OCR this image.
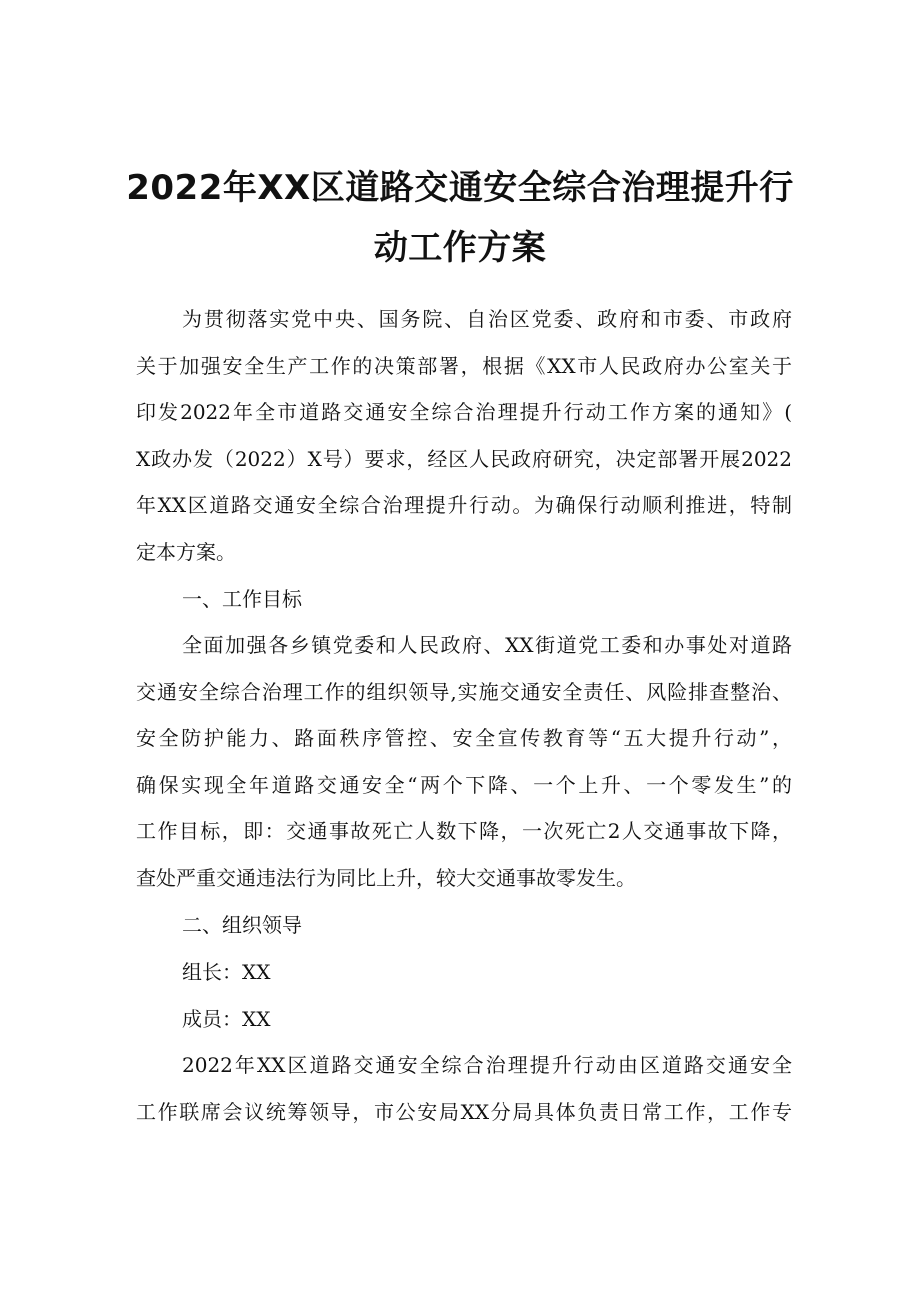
2022年XX区道路交通安全综合治理提升行
动工作方案

为贯彻落实党中央、国务院、自治区党委、政府和市委、市政府

关于加强安全生产工作的决策部署，根据《XX市人民政府办公室关于

印发2022年全市道路交通安全综合治理提升行动工作方案的通知》(

X政办发（2022）X号）要求，经区人民政府研究，决定部署开展2022

年XX区道路交通安全综合治理提升行动。为确保行动顺利推进，特制

定本方案。

一、工作目标

全面加强各乡镇党委和人民政府、XX街道党工委和办事处对道路

交通安全综合治理工作的组织领导,实施交通安全责任、风险排查整治、

安全防护能力、路面秩序管控、安全宣传教育等“五大提升行动”，

确保实现全年道路交通安全“两个下降、一个上升、一个零发生”的

工作目标，即：交通事故死亡人数下降，一次死亡2人交通事故下降，

查处严重交通违法行为同比上升，较大交通事故零发生。

二、组织领导

组长：XX

成员：XX

2022年XX区道路交通安全综合治理提升行动由区道路交通安全

工作联席会议统筹领导，市公安局XX分局具体负责日常工作，工作专
